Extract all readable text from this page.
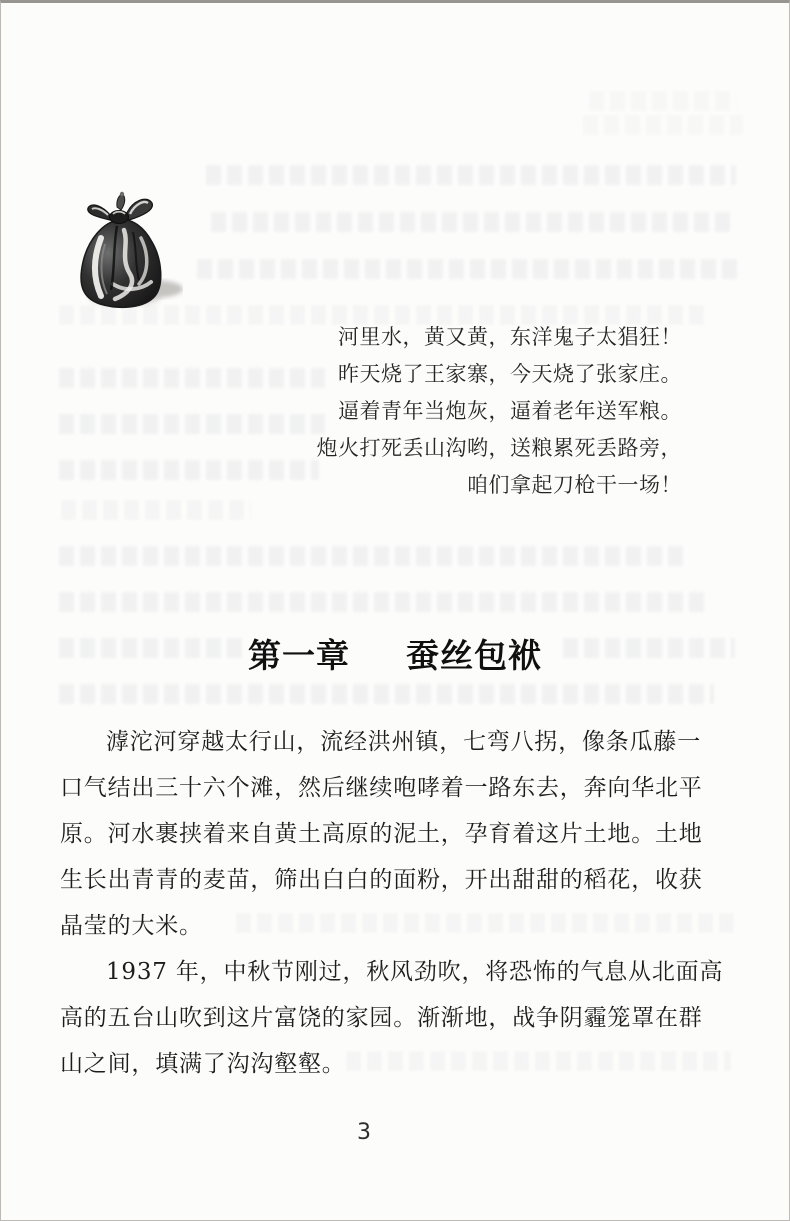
河里水，黄又黄，东洋鬼子太猖狂！
昨天烧了王家寨，今天烧了张家庄。
逼着青年当炮灰，逼着老年送军粮。
炮火打死丢山沟哟，送粮累死丢路旁，
咱们拿起刀枪干一场！
第一章 蚕丝包袱
滹沱河穿越太行山，流经洪州镇，七弯八拐，像条瓜藤一
口气结出三十六个滩，然后继续咆哮着一路东去，奔向华北平
原。河水裹挟着来自黄土高原的泥土，孕育着这片土地。土地
生长出青青的麦苗，筛出白白的面粉，开出甜甜的稻花，收获
晶莹的大米。
1937 年，中秋节刚过，秋风劲吹，将恐怖的气息从北面高
高的五台山吹到这片富饶的家园。渐渐地，战争阴霾笼罩在群
山之间，填满了沟沟壑壑。
3
